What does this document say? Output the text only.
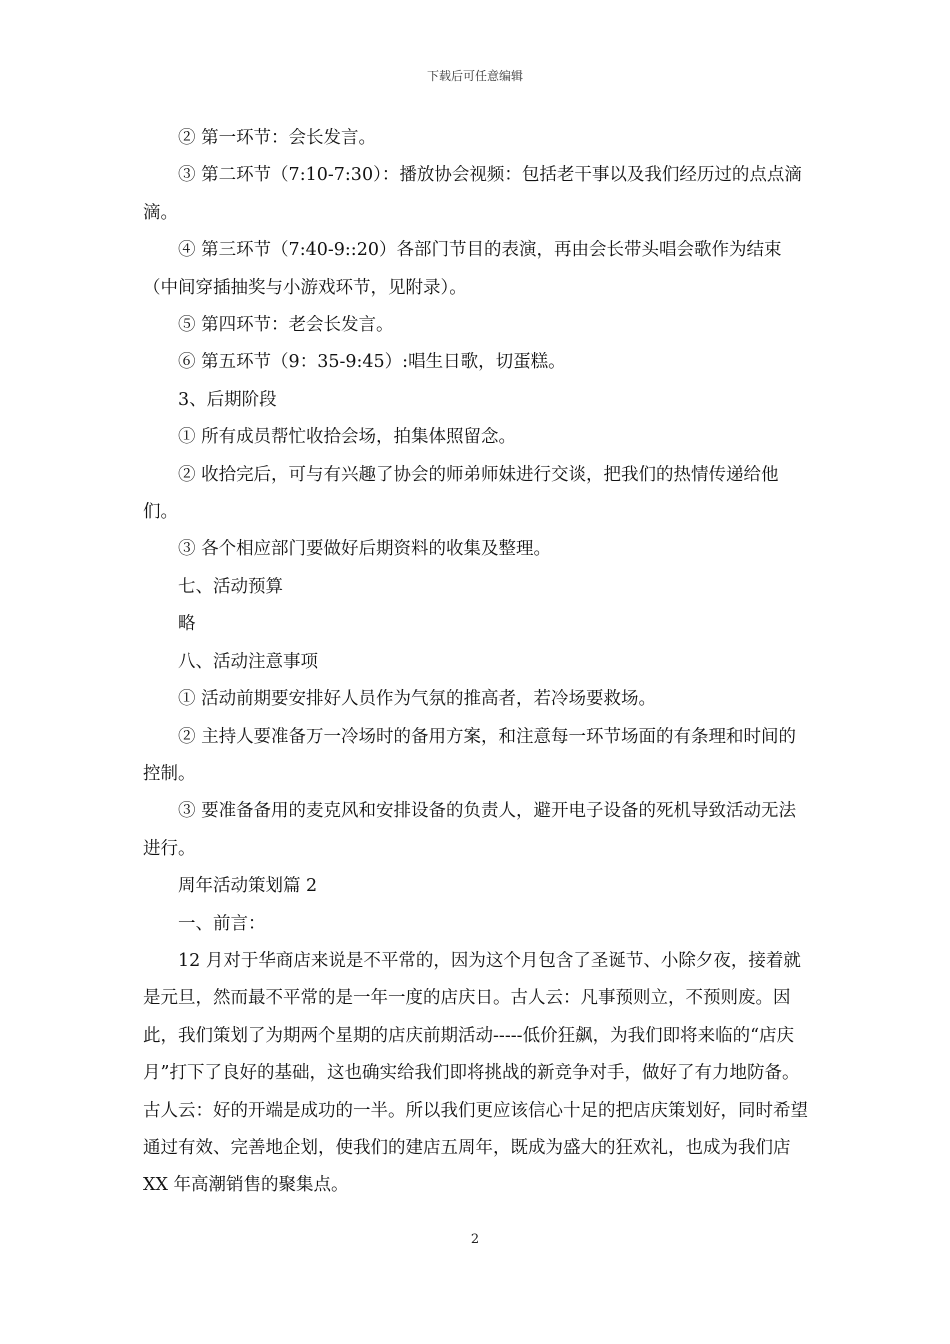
下载后可任意编辑

② 第一环节：会长发言。

③ 第二环节（7:10-7:30）：播放协会视频：包括老干事以及我们经历过的点点滴滴。

④ 第三环节（7:40-9::20）各部门节目的表演，再由会长带头唱会歌作为结束（中间穿插抽奖与小游戏环节，见附录）。

⑤ 第四环节：老会长发言。

⑥ 第五环节（9：35-9:45）:唱生日歌，切蛋糕。

3、后期阶段

① 所有成员帮忙收拾会场，拍集体照留念。

② 收拾完后，可与有兴趣了协会的师弟师妹进行交谈，把我们的热情传递给他们。

③ 各个相应部门要做好后期资料的收集及整理。

七、活动预算

略

八、活动注意事项

① 活动前期要安排好人员作为气氛的推高者，若冷场要救场。

② 主持人要准备万一冷场时的备用方案，和注意每一环节场面的有条理和时间的控制。

③ 要准备备用的麦克风和安排设备的负责人，避开电子设备的死机导致活动无法进行。

周年活动策划篇 2

一、前言：

12 月对于华商店来说是不平常的，因为这个月包含了圣诞节、小除夕夜，接着就是元旦，然而最不平常的是一年一度的店庆日。古人云：凡事预则立，不预则废。因此，我们策划了为期两个星期的店庆前期活动-----低价狂飙，为我们即将来临的“店庆月”打下了良好的基础，这也确实给我们即将挑战的新竞争对手，做好了有力地防备。古人云：好的开端是成功的一半。所以我们更应该信心十足的把店庆策划好，同时希望通过有效、完善地企划，使我们的建店五周年，既成为盛大的狂欢礼，也成为我们店 XX 年高潮销售的聚集点。

2
